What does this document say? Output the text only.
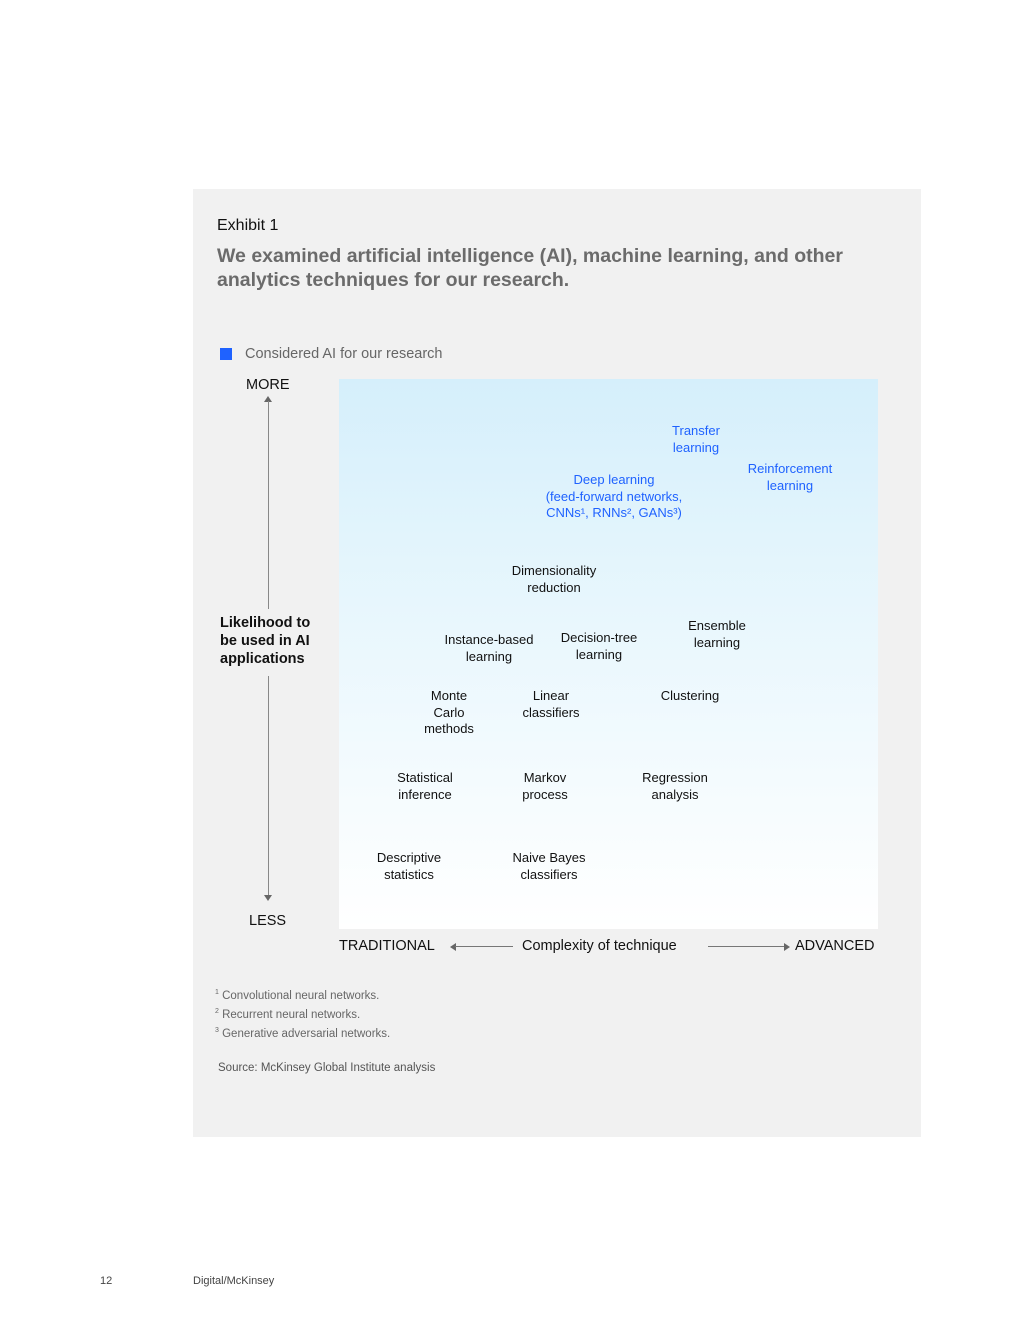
Exhibit 1
We examined artificial intelligence (AI), machine learning, and other analytics techniques for our research.
Considered AI for our research
MORE
Likelihood to be used in AI applications
LESS
Transfer
learning
Reinforcement
learning
Deep learning
(feed-forward networks,
CNNs¹, RNNs², GANs³)
Dimensionality
reduction
Ensemble
learning
Instance-based
learning
Decision-tree
learning
Monte
Carlo
methods
Linear
classifiers
Clustering
Statistical
inference
Markov
process
Regression
analysis
Descriptive
statistics
Naive Bayes
classifiers
TRADITIONAL	Complexity of technique	ADVANCED
$^1$ Convolutional neural networks.
$^2$ Recurrent neural networks.
$^3$ Generative adversarial networks.
Source: McKinsey Global Institute analysis
12	Digital/McKinsey
